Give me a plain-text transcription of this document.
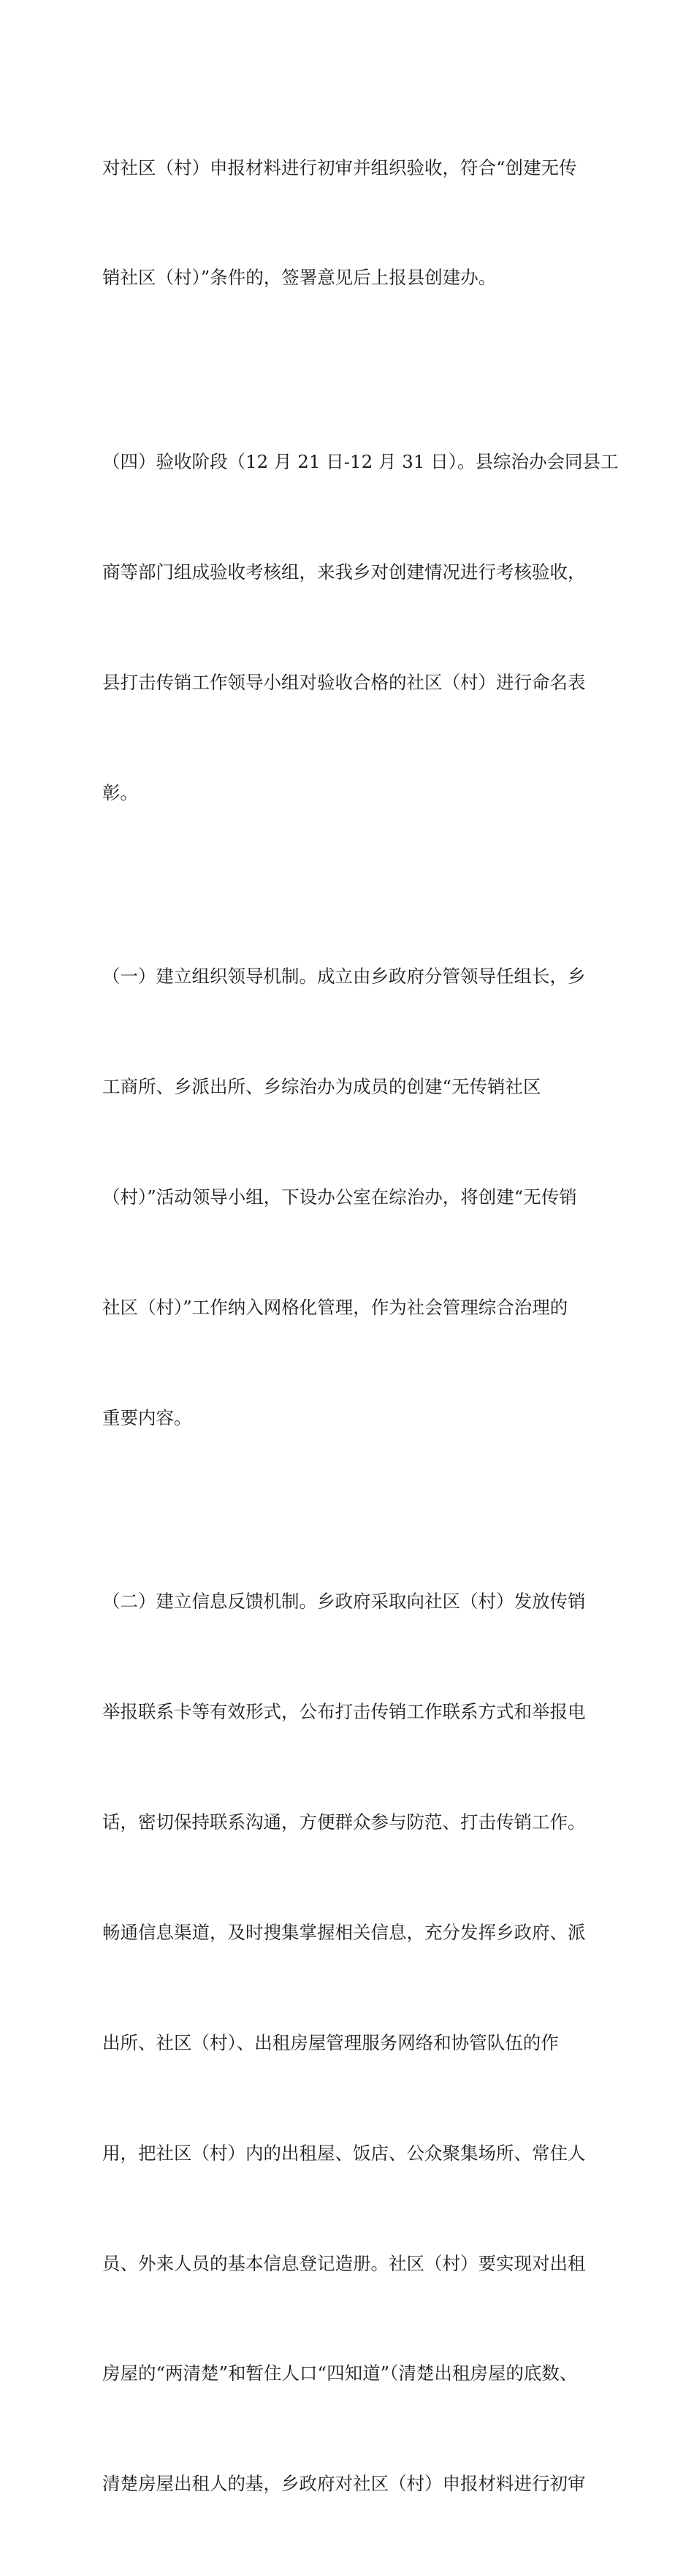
对社区（村）申报材料进行初审并组织验收，符合“创建无传

销社区（村）”条件的，签署意见后上报县创建办。

（四）验收阶段（12 月 21 日-12 月 31 日）。县综治办会同县工

商等部门组成验收考核组，来我乡对创建情况进行考核验收，

县打击传销工作领导小组对验收合格的社区（村）进行命名表

彰。

（一）建立组织领导机制。成立由乡政府分管领导任组长，乡

工商所、乡派出所、乡综治办为成员的创建“无传销社区

（村）”活动领导小组，下设办公室在综治办，将创建“无传销

社区（村）”工作纳入网格化管理，作为社会管理综合治理的

重要内容。

（二）建立信息反馈机制。乡政府采取向社区（村）发放传销

举报联系卡等有效形式，公布打击传销工作联系方式和举报电

话，密切保持联系沟通，方便群众参与防范、打击传销工作。

畅通信息渠道，及时搜集掌握相关信息，充分发挥乡政府、派

出所、社区（村）、出租房屋管理服务网络和协管队伍的作

用，把社区（村）内的出租屋、饭店、公众聚集场所、常住人

员、外来人员的基本信息登记造册。社区（村）要实现对出租

房屋的“两清楚”和暂住人口“四知道”（清楚出租房屋的底数、

清楚房屋出租人的基，乡政府对社区（村）申报材料进行初审
